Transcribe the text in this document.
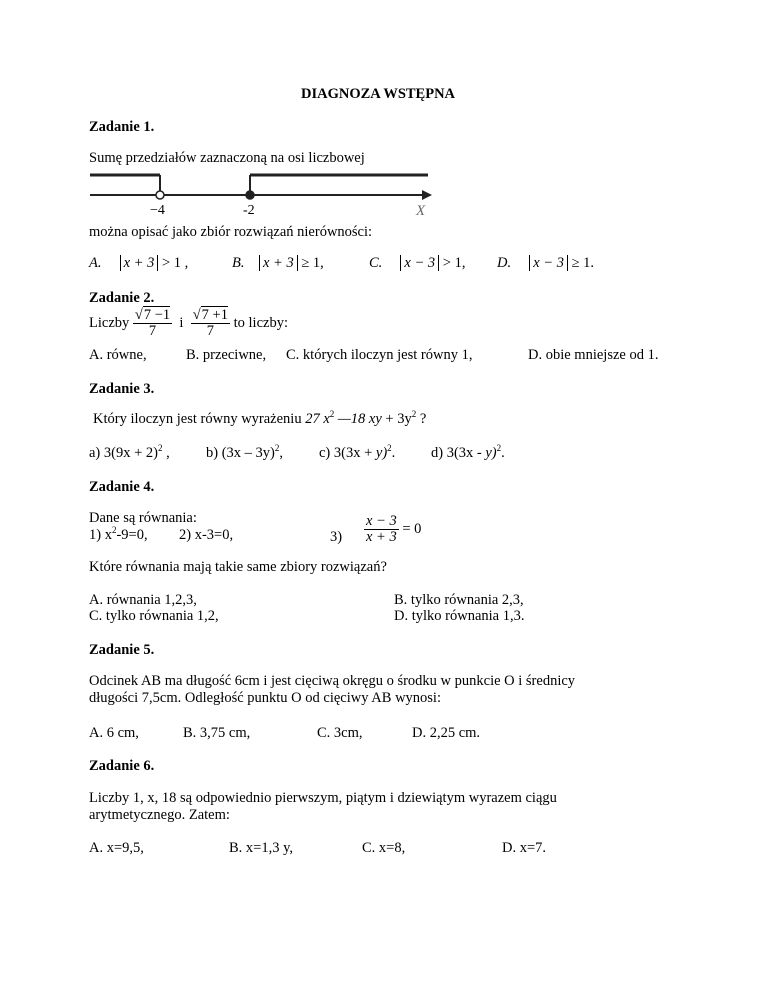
DIAGNOZA WSTĘPNA
Zadanie 1.
Sumę przedziałów zaznaczoną na osi liczbowej
−4	-2	X
można opisać jako zbiór rozwiązań nierówności:
A. x + 3 > 1 ,	B. x + 3 ≥ 1,	C. x − 3 > 1, D. x − 3 ≥ 1.
Zadanie 2.
Liczby $\frac{√7 -1}{7}$ i $\frac{√7 +1}{7}$ to liczby:
A. równe,	B. przeciwne, C. których iloczyn jest równy 1,	D. obie mniejsze od 1.
Zadanie 3.
Który iloczyn jest równy wyrażeniu 27 $x^2$ —18 xy + $3y^2$ ?
a) $3(9x + 2)^2$ ,	b) (3x – 3y)$^2$, c) $3(3x + y)^2$. d) 3(3x - y)$^2$.
Zadanie 4.
Dane są równania:
1) $x^2-9=0$, 2) x-3=0,	$3) \frac{x - 3}{x + 3} = 0$
Które równania mają takie same zbiory rozwiązań?
A. równania 1,2,3,	B. tylko równania 2,3,
C. tylko równania 1,2,	D. tylko równania 1,3.
Zadanie 5.
Odcinek AB ma długość 6cm i jest cięciwą okręgu o środku w punkcie O i średnicy
długości 7,5cm. Odległość punktu O od cięciwy AB wynosi:
A. 6 cm,	B. 3,75 cm,	C. 3cm,	D. 2,25 cm.
Zadanie 6.
Liczby 1, x, 18 są odpowiednio pierwszym, piątym i dziewiątym wyrazem ciągu
arytmetycznego. Zatem:
A. x=9,5,	B. x=1,3 y,	C. x=8,	D. x=7.
